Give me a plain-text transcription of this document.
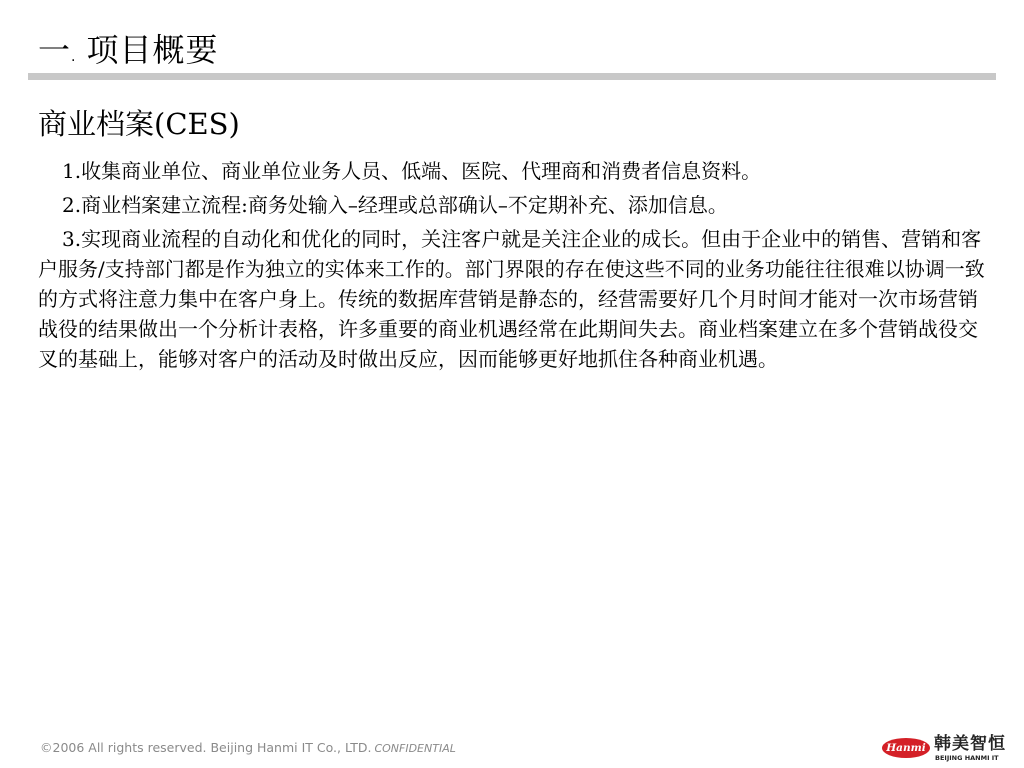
一. 项目概要
商业档案(CES)

1.收集商业单位、商业单位业务人员、低端、医院、代理商和消费者信息资料。

2.商业档案建立流程:商务处输入–经理或总部确认–不定期补充、添加信息。

3.实现商业流程的自动化和优化的同时，关注客户就是关注企业的成长。但由于企业中的销售、营销和客户服务/支持部门都是作为独立的实体来工作的。部门界限的存在使这些不同的业务功能往往很难以协调一致的方式将注意力集中在客户身上。传统的数据库营销是静态的，经营需要好几个月时间才能对一次市场营销战役的结果做出一个分析计表格，许多重要的商业机遇经常在此期间失去。商业档案建立在多个营销战役交叉的基础上，能够对客户的活动及时做出反应，因而能够更好地抓住各种商业机遇。

©2006 All rights reserved. Beijing Hanmi IT Co., LTD. CONFIDENTIAL	Hanmi 韩美智恒
BEIJING HANMI IT
